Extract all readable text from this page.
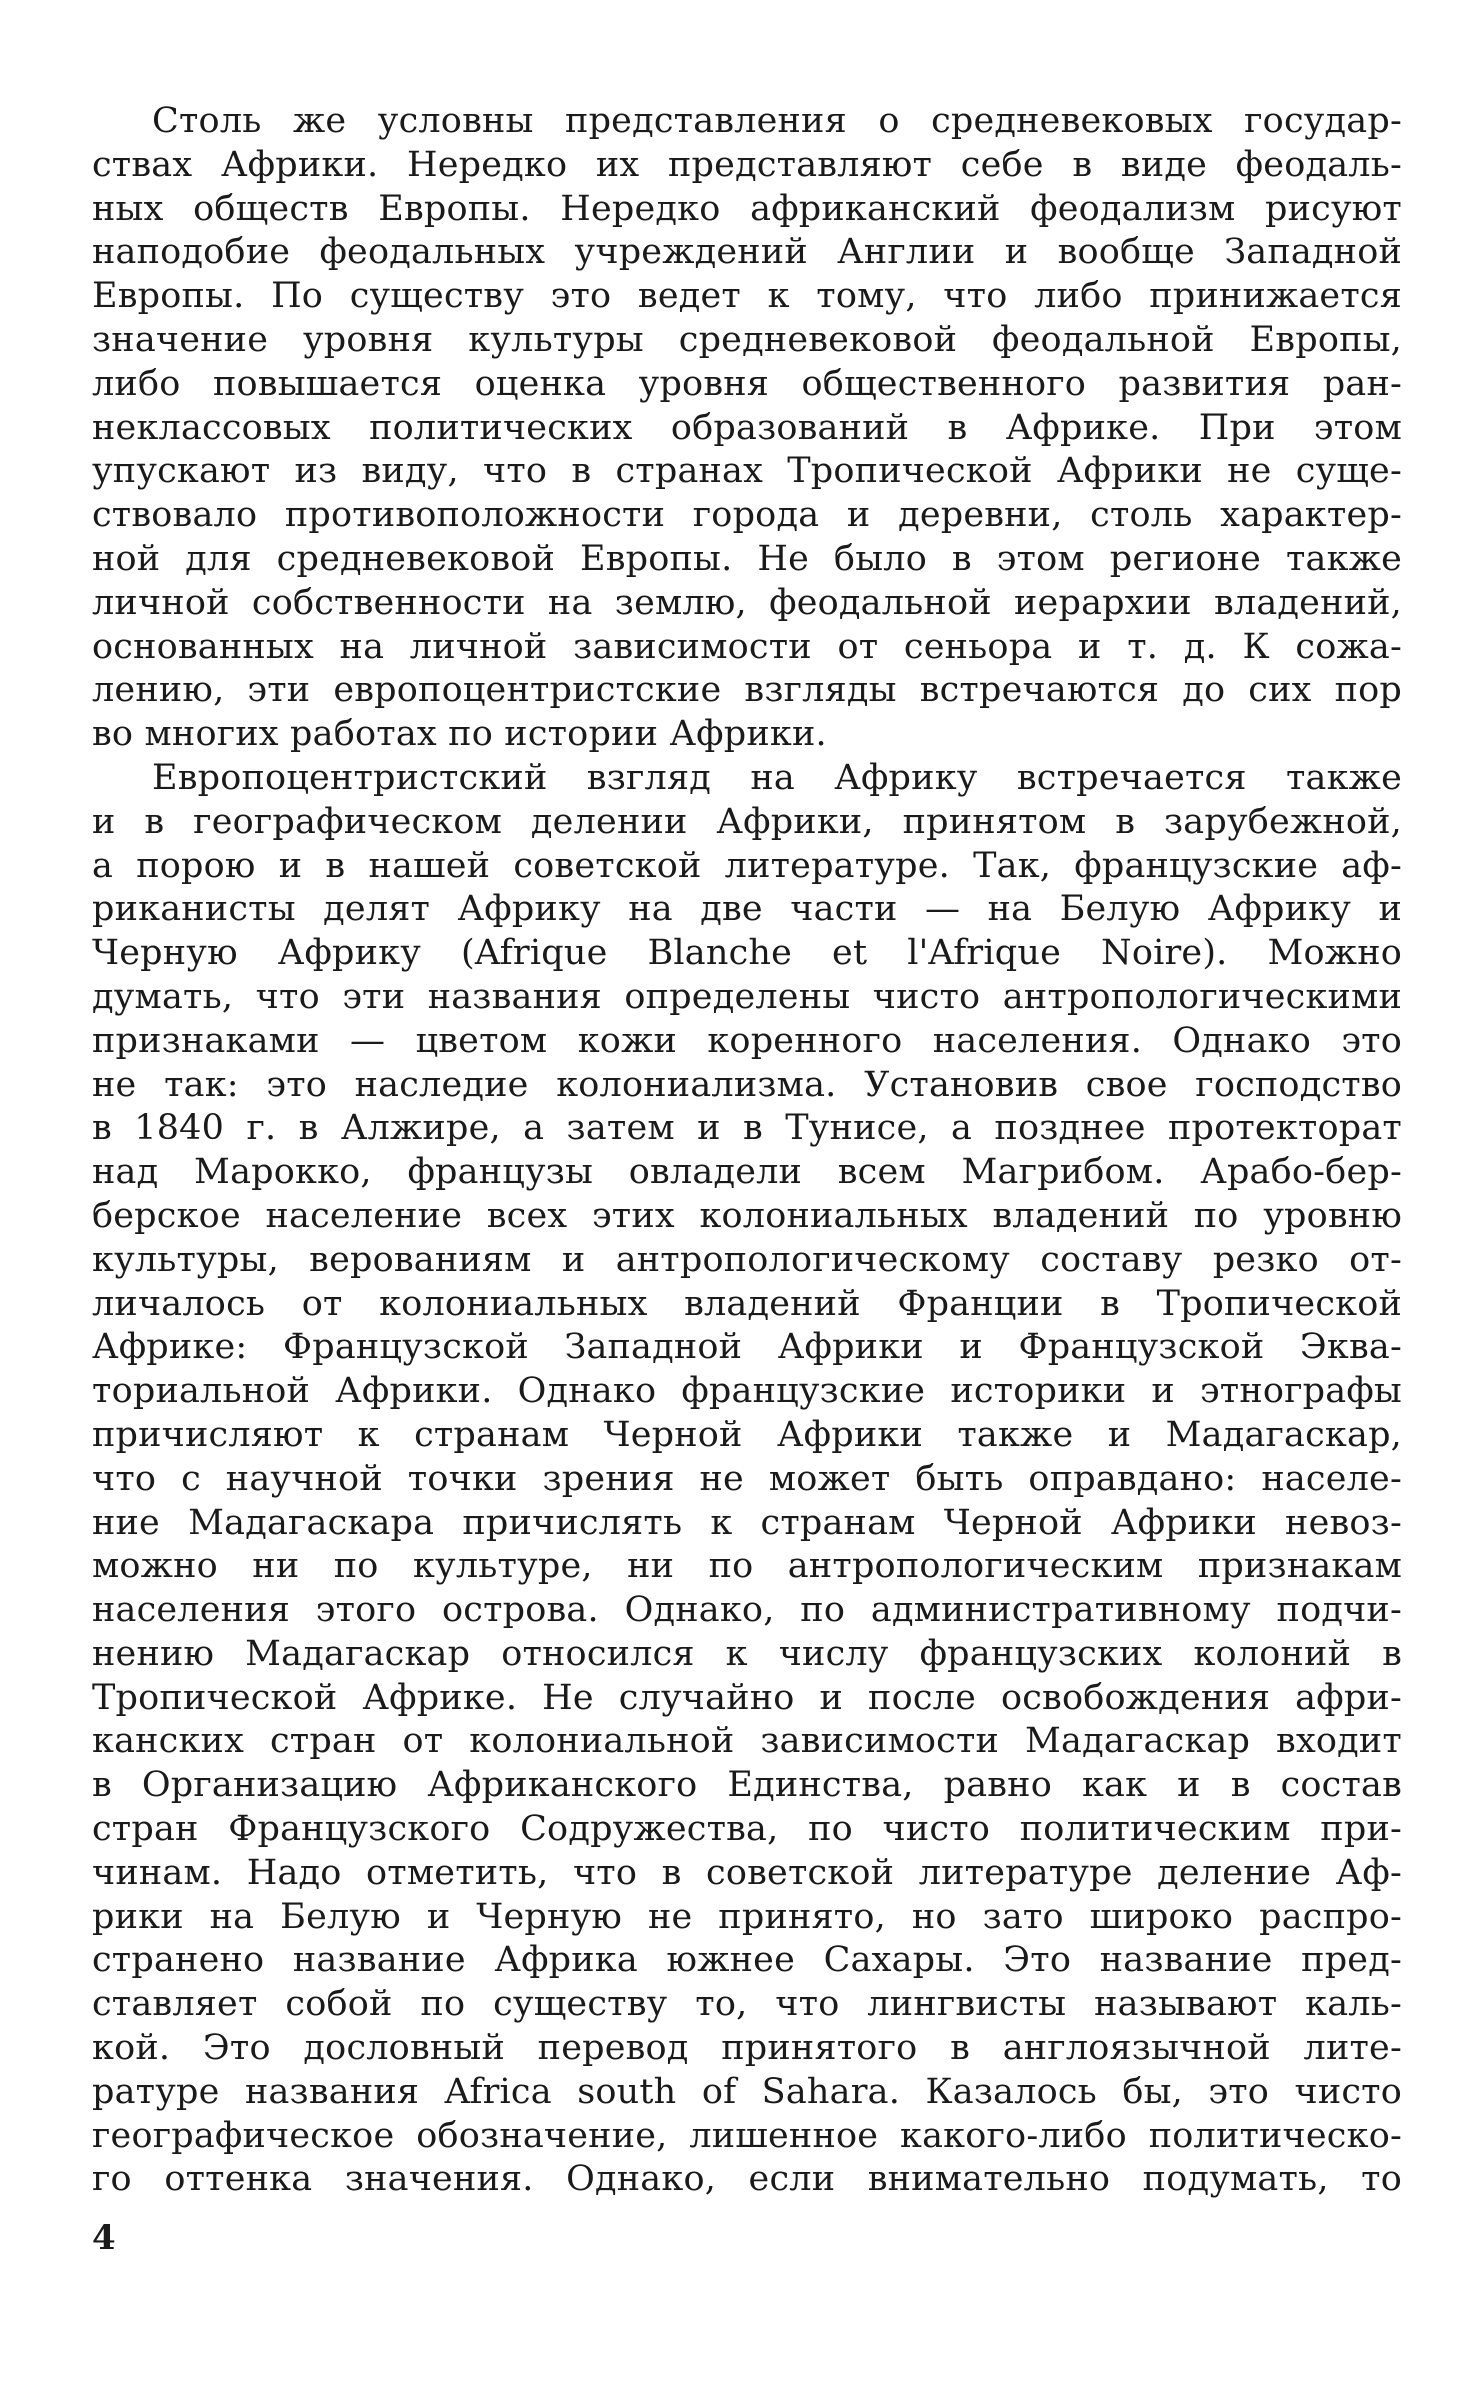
Столь же условны представления о средневековых государ-
ствах Африки. Нередко их представляют себе в виде феодаль-
ных обществ Европы. Нередко африканский феодализм рисуют
наподобие феодальных учреждений Англии и вообще Западной
Европы. По существу это ведет к тому, что либо принижается
значение уровня культуры средневековой феодальной Европы,
либо повышается оценка уровня общественного развития ран-
неклассовых политических образований в Африке. При этом
упускают из виду, что в странах Тропической Африки не суще-
ствовало противоположности города и деревни, столь характер-
ной для средневековой Европы. Не было в этом регионе также
личной собственности на землю, феодальной иерархии владений,
основанных на личной зависимости от сеньора и т. д. К сожа-
лению, эти европоцентристские взгляды встречаются до сих пор
во многих работах по истории Африки.
Европоцентристский взгляд на Африку встречается также
и в географическом делении Африки, принятом в зарубежной,
а порою и в нашей советской литературе. Так, французские аф-
риканисты делят Африку на две части — на Белую Африку и
Черную Африку (Afrique Blanche et l'Afrique Noire). Можно
думать, что эти названия определены чисто антропологическими
признаками — цветом кожи коренного населения. Однако это
не так: это наследие колониализма. Установив свое господство
в 1840 г. в Алжире, а затем и в Тунисе, а позднее протекторат
над Марокко, французы овладели всем Магрибом. Арабо-бер-
берское население всех этих колониальных владений по уровню
культуры, верованиям и антропологическому составу резко от-
личалось от колониальных владений Франции в Тропической
Африке: Французской Западной Африки и Французской Эква-
ториальной Африки. Однако французские историки и этнографы
причисляют к странам Черной Африки также и Мадагаскар,
что с научной точки зрения не может быть оправдано: населе-
ние Мадагаскара причислять к странам Черной Африки невоз-
можно ни по культуре, ни по антропологическим признакам
населения этого острова. Однако, по административному подчи-
нению Мадагаскар относился к числу французских колоний в
Тропической Африке. Не случайно и после освобождения афри-
канских стран от колониальной зависимости Мадагаскар входит
в Организацию Африканского Единства, равно как и в состав
стран Французского Содружества, по чисто политическим при-
чинам. Надо отметить, что в советской литературе деление Аф-
рики на Белую и Черную не принято, но зато широко распро-
странено название Африка южнее Сахары. Это название пред-
ставляет собой по существу то, что лингвисты называют каль-
кой. Это дословный перевод принятого в англоязычной лите-
ратуре названия Africa south of Sahara. Казалось бы, это чисто
географическое обозначение, лишенное какого-либо политическо-
го оттенка значения. Однако, если внимательно подумать, то
4
